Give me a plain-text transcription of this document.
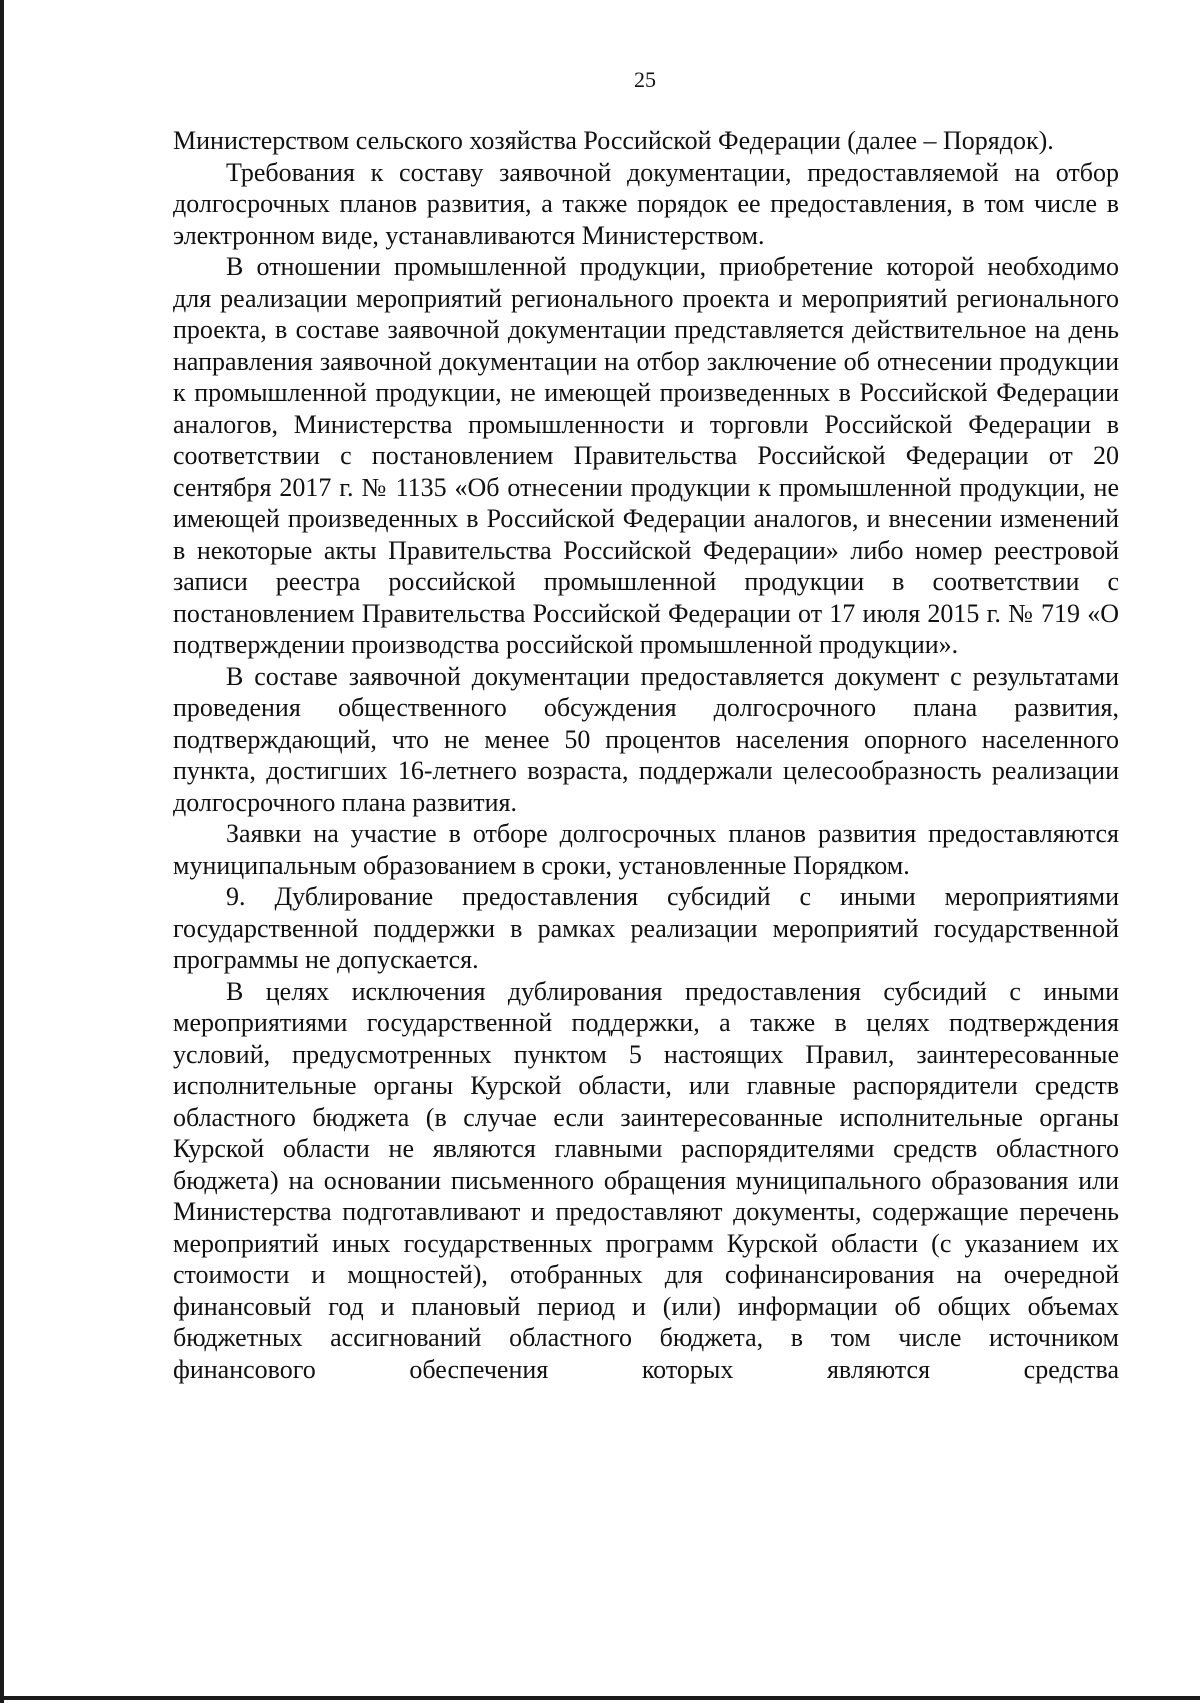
25

Министерством сельского хозяйства Российской Федерации (далее – Порядок).

Требования к составу заявочной документации, предоставляемой на отбор долгосрочных планов развития, а также порядок ее предоставления, в том числе в электронном виде, устанавливаются Министерством.

В отношении промышленной продукции, приобретение которой необходимо для реализации мероприятий регионального проекта и мероприятий регионального проекта, в составе заявочной документации представляется действительное на день направления заявочной документации на отбор заключение об отнесении продукции к промышленной продукции, не имеющей произведенных в Российской Федерации аналогов, Министерства промышленности и торговли Российской Федерации в соответствии с постановлением Правительства Российской Федерации от 20 сентября 2017 г. № 1135 «Об отнесении продукции к промышленной продукции, не имеющей произведенных в Российской Федерации аналогов, и внесении изменений в некоторые акты Правительства Российской Федерации» либо номер реестровой записи реестра российской промышленной продукции в соответствии с постановлением Правительства Российской Федерации от 17 июля 2015 г. № 719 «О подтверждении производства российской промышленной продукции».

В составе заявочной документации предоставляется документ с результатами проведения общественного обсуждения долгосрочного плана развития, подтверждающий, что не менее 50 процентов населения опорного населенного пункта, достигших 16-летнего возраста, поддержали целесообразность реализации долгосрочного плана развития.

Заявки на участие в отборе долгосрочных планов развития предоставляются муниципальным образованием в сроки, установленные Порядком.

9. Дублирование предоставления субсидий с иными мероприятиями государственной поддержки в рамках реализации мероприятий государственной программы не допускается.

В целях исключения дублирования предоставления субсидий с иными мероприятиями государственной поддержки, а также в целях подтверждения условий, предусмотренных пунктом 5 настоящих Правил, заинтересованные исполнительные органы Курской области, или главные распорядители средств областного бюджета (в случае если заинтересованные исполнительные органы Курской области не являются главными распорядителями средств областного бюджета) на основании письменного обращения муниципального образования или Министерства подготавливают и предоставляют документы, содержащие перечень мероприятий иных государственных программ Курской области (с указанием их стоимости и мощностей), отобранных для софинансирования на очередной финансовый год и плановый период и (или) информации об общих объемах бюджетных ассигнований областного бюджета, в том числе источником финансового обеспечения которых являются средства
